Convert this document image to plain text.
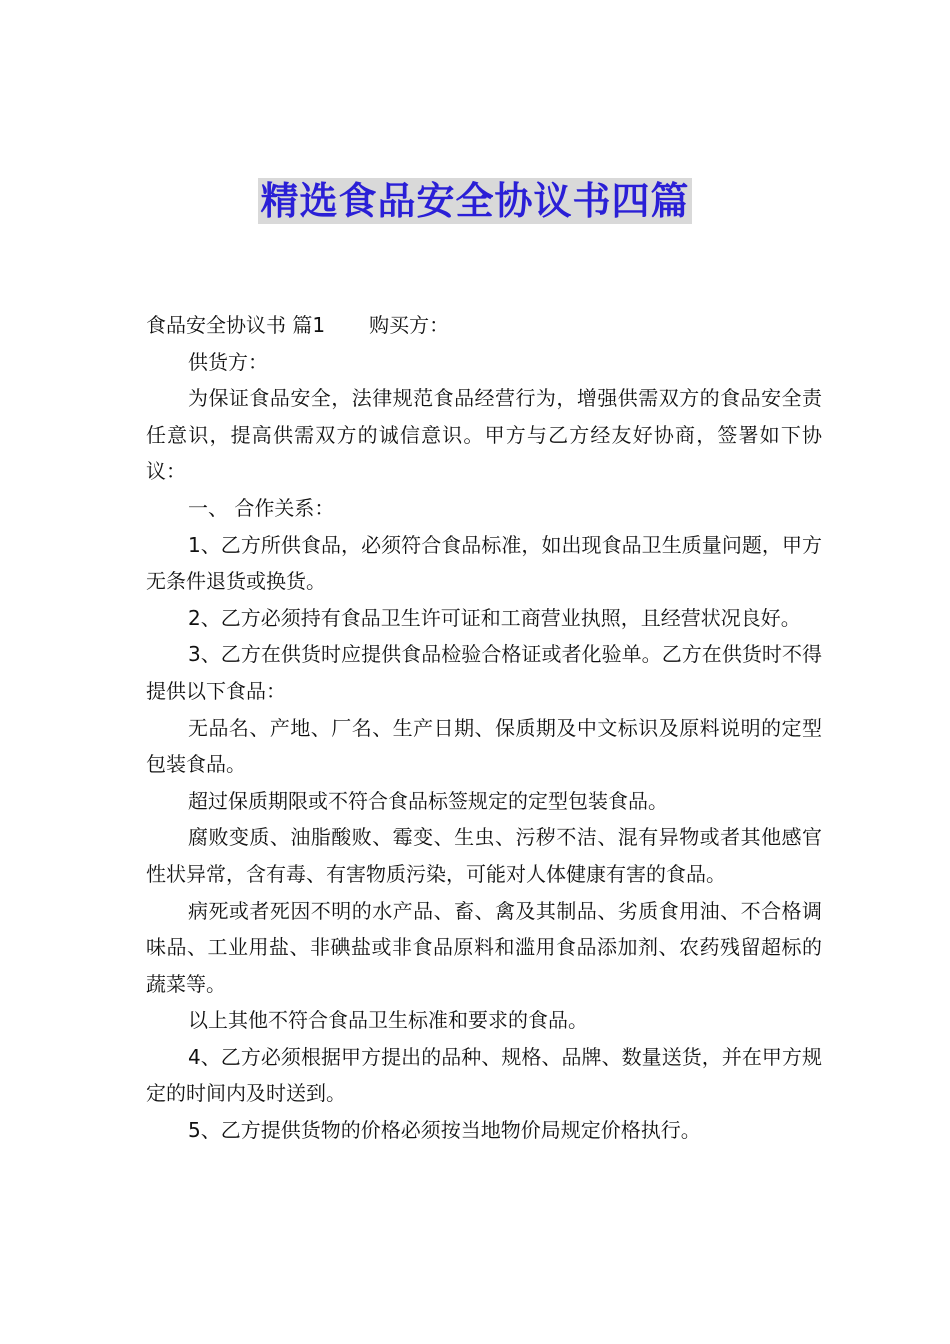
精选食品安全协议书四篇

食品安全协议书 篇1 购买方：

供货方：

为保证食品安全，法律规范食品经营行为，增强供需双方的食品安全责任意识，提高供需双方的诚信意识。甲方与乙方经友好协商，签署如下协议：

一、 合作关系：

1、乙方所供食品，必须符合食品标准，如出现食品卫生质量问题，甲方无条件退货或换货。

2、乙方必须持有食品卫生许可证和工商营业执照，且经营状况良好。

3、乙方在供货时应提供食品检验合格证或者化验单。乙方在供货时不得提供以下食品：

无品名、产地、厂名、生产日期、保质期及中文标识及原料说明的定型包装食品。

超过保质期限或不符合食品标签规定的定型包装食品。

腐败变质、油脂酸败、霉变、生虫、污秽不洁、混有异物或者其他感官性状异常，含有毒、有害物质污染，可能对人体健康有害的食品。

病死或者死因不明的水产品、畜、禽及其制品、劣质食用油、不合格调味品、工业用盐、非碘盐或非食品原料和滥用食品添加剂、农药残留超标的蔬菜等。

以上其他不符合食品卫生标准和要求的食品。

4、乙方必须根据甲方提出的品种、规格、品牌、数量送货，并在甲方规定的时间内及时送到。

5、乙方提供货物的价格必须按当地物价局规定价格执行。
